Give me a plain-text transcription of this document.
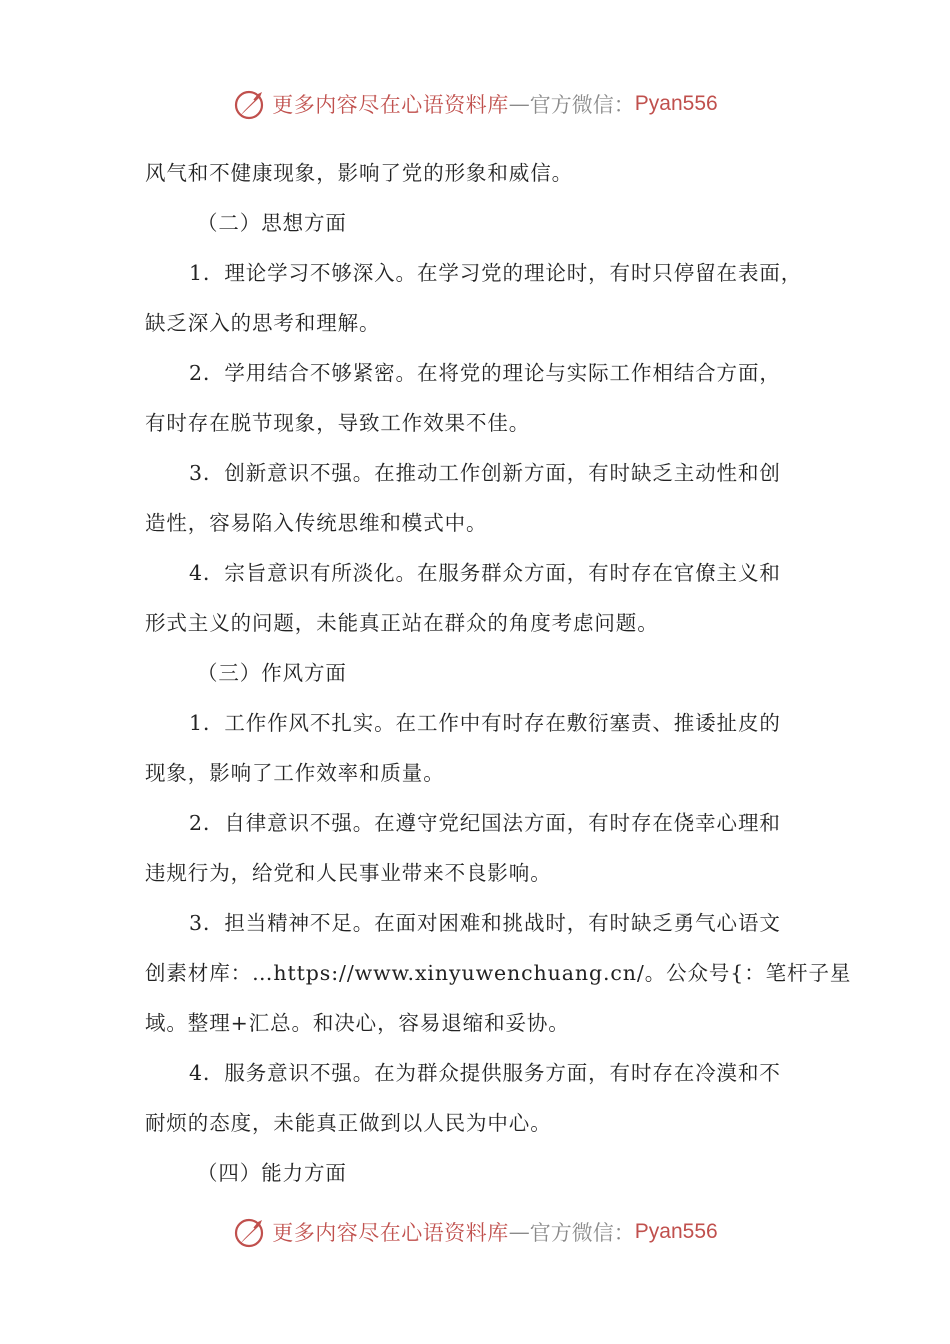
更多内容尽在心语资料库 — 官方微信： Pyan556
风气和不健康现象，影响了党的形象和威信。
（二）思想方面
1．理论学习不够深入。在学习党的理论时，有时只停留在表面，
缺乏深入的思考和理解。
2．学用结合不够紧密。在将党的理论与实际工作相结合方面，
有时存在脱节现象，导致工作效果不佳。
3．创新意识不强。在推动工作创新方面，有时缺乏主动性和创
造性，容易陷入传统思维和模式中。
4．宗旨意识有所淡化。在服务群众方面，有时存在官僚主义和
形式主义的问题，未能真正站在群众的角度考虑问题。
（三）作风方面
1．工作作风不扎实。在工作中有时存在敷衍塞责、推诿扯皮的
现象，影响了工作效率和质量。
2．自律意识不强。在遵守党纪国法方面，有时存在侥幸心理和
违规行为，给党和人民事业带来不良影响。
3．担当精神不足。在面对困难和挑战时，有时缺乏勇气心语文
创素材库：…https://www.xinyuwenchuang.cn/。公众号{：笔杆子星
域。整理+汇总。和决心，容易退缩和妥协。
4．服务意识不强。在为群众提供服务方面，有时存在冷漠和不
耐烦的态度，未能真正做到以人民为中心。
（四）能力方面
更多内容尽在心语资料库 — 官方微信： Pyan556
